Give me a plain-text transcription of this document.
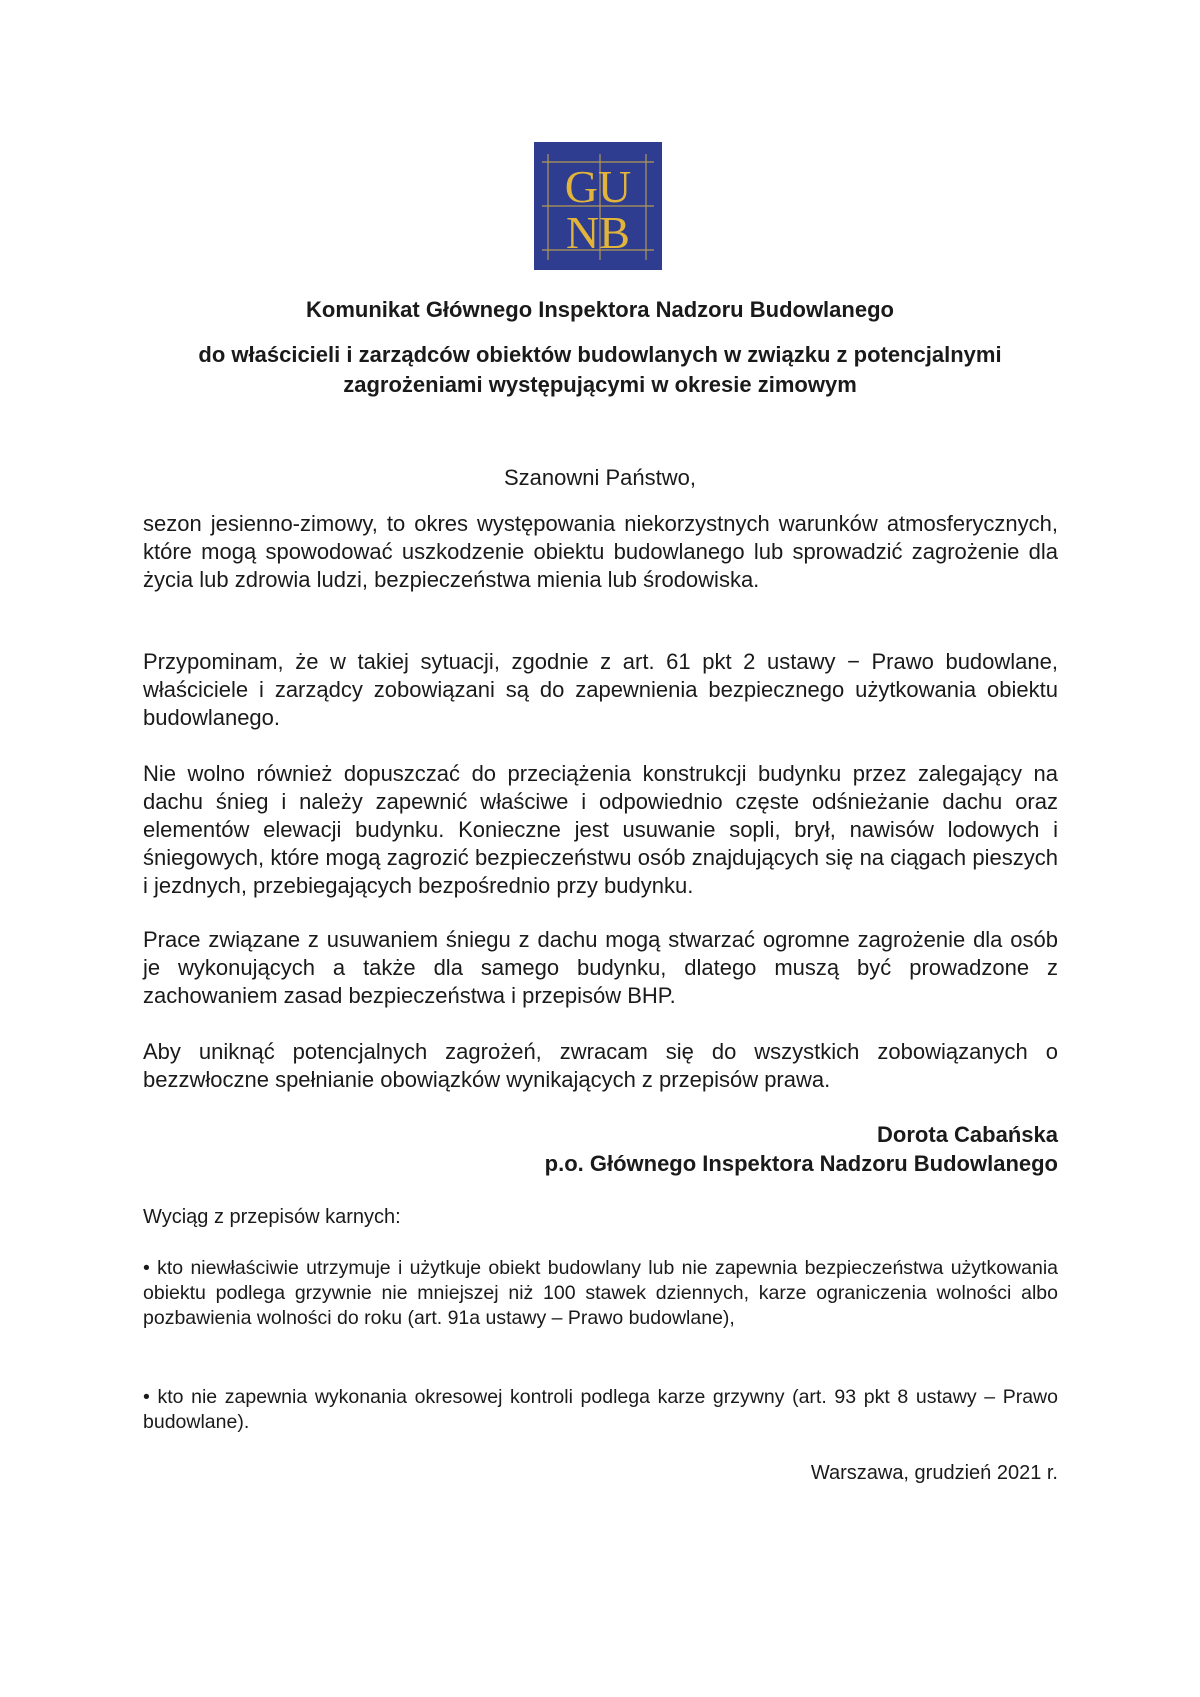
GU
NB
Komunikat Głównego Inspektora Nadzoru Budowlanego
do właścicieli i zarządców obiektów budowlanych w związku z potencjalnymi
zagrożeniami występującymi w okresie zimowym
Szanowni Państwo,

sezon jesienno-zimowy, to okres występowania niekorzystnych warunków atmosferycznych, które mogą spowodować uszkodzenie obiektu budowlanego lub sprowadzić zagrożenie dla życia lub zdrowia ludzi, bezpieczeństwa mienia lub środowiska.

Przypominam, że w takiej sytuacji, zgodnie z art. 61 pkt 2 ustawy − Prawo budowlane, właściciele i zarządcy zobowiązani są do zapewnienia bezpiecznego użytkowania obiektu budowlanego.

Nie wolno również dopuszczać do przeciążenia konstrukcji budynku przez zalegający na dachu śnieg i należy zapewnić właściwe i odpowiednio częste odśnieżanie dachu oraz elementów elewacji budynku. Konieczne jest usuwanie sopli, brył, nawisów lodowych i śniegowych, które mogą zagrozić bezpieczeństwu osób znajdujących się na ciągach pieszych i jezdnych, przebiegających bezpośrednio przy budynku.

Prace związane z usuwaniem śniegu z dachu mogą stwarzać ogromne zagrożenie dla osób je wykonujących a także dla samego budynku, dlatego muszą być prowadzone z zachowaniem zasad bezpieczeństwa i przepisów BHP.

Aby uniknąć potencjalnych zagrożeń, zwracam się do wszystkich zobowiązanych o bezzwłoczne spełnianie obowiązków wynikających z przepisów prawa.

Dorota Cabańska
p.o. Głównego Inspektora Nadzoru Budowlanego
Wyciąg z przepisów karnych:
• kto niewłaściwie utrzymuje i użytkuje obiekt budowlany lub nie zapewnia bezpieczeństwa użytkowania obiektu podlega grzywnie nie mniejszej niż 100 stawek dziennych, karze ograniczenia wolności albo pozbawienia wolności do roku (art. 91a ustawy – Prawo budowlane),
• kto nie zapewnia wykonania okresowej kontroli podlega karze grzywny (art. 93 pkt 8 ustawy – Prawo budowlane).
Warszawa, grudzień 2021 r.
